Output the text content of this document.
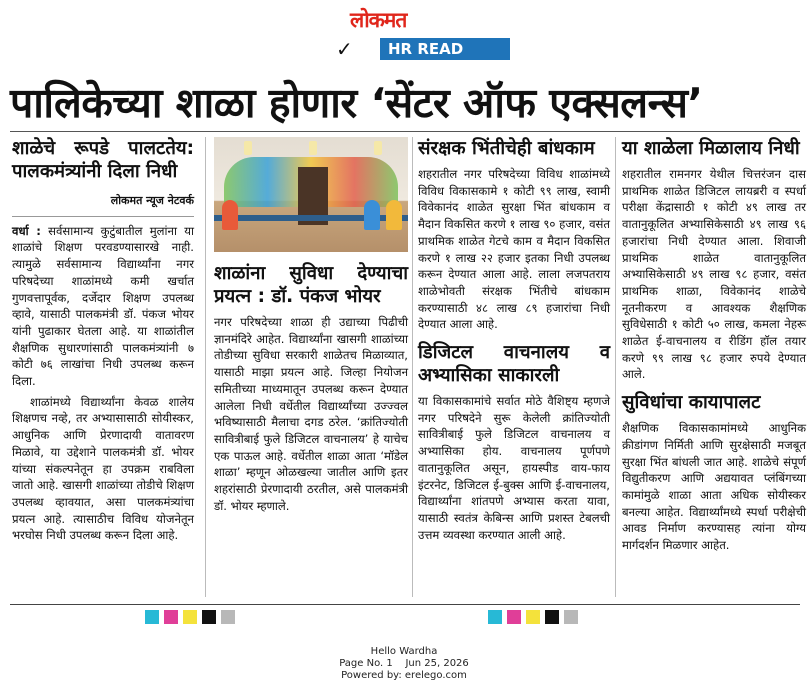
लोकमत
✓	HR READ
पालिकेच्या शाळा होणार ‘सेंटर ऑफ एक्सलन्स’
शाळेचे रूपडे पालटतेय: पालकमंत्र्यांनी दिला निधी
लोकमत न्यूज नेटवर्क

वर्धा : सर्वसामान्य कुटुंबातील मुलांना या शाळांचे शिक्षण परवडण्यासारखे नाही. त्यामुळे सर्वसामान्य विद्यार्थ्यांना नगर परिषदेच्या शाळांमध्ये कमी खर्चात गुणवत्तापूर्वक, दर्जेदार शिक्षण उपलब्ध व्हावे, यासाठी पालकमंत्री डॉ. पंकज भोयर यांनी पुढाकार घेतला आहे. या शाळांतील शैक्षणिक सुधारणांसाठी पालकमंत्र्यांनी ७ कोटी ७६ लाखांचा निधी उपलब्ध करून दिला.

शाळांमध्ये विद्यार्थ्यांना केवळ शालेय शिक्षणच नव्हे, तर अभ्यासासाठी सोयीस्कर, आधुनिक आणि प्रेरणादायी वातावरण मिळावे, या उद्देशाने पालकमंत्री डॉ. भोयर यांच्या संकल्पनेतून हा उपक्रम राबविला जातो आहे. खासगी शाळांच्या तोडीचे शिक्षण उपलब्ध व्हावयात, असा पालकमंत्र्यांचा प्रयत्न आहे. त्यासाठीच विविध योजनेतून भरघोस निधी उपलब्ध करून दिला आहे.

शाळांना सुविधा देण्याचा प्रयत्न : डॉ. पंकज भोयर

नगर परिषदेच्या शाळा ही उद्याच्या पिढीची ज्ञानमंदिरे आहेत. विद्यार्थ्यांना खासगी शाळांच्या तोडीच्या सुविधा सरकारी शाळेतच मिळाव्यात, यासाठी माझा प्रयत्न आहे. जिल्हा नियोजन समितीच्या माध्यमातून उपलब्ध करून देण्यात आलेला निधी वर्धेतील विद्यार्थ्यांच्या उज्ज्वल भविष्यासाठी मैलाचा दगड ठरेल. ‘क्रांतिज्योती सावित्रीबाई फुले डिजिटल वाचनालय’ हे याचेच एक पाऊल आहे. वर्धेतील शाळा आता ‘मॉडेल शाळा’ म्हणून ओळखल्या जातील आणि इतर शहरांसाठी प्रेरणादायी ठरतील, असे पालकमंत्री डॉ. भोयर म्हणाले.

संरक्षक भिंतीचेही बांधकाम

शहरातील नगर परिषदेच्या विविध शाळांमध्ये विविध विकासकामे १ कोटी ९९ लाख, स्वामी विवेकानंद शाळेत सुरक्षा भिंत बांधकाम व मैदान विकसित करणे १ लाख ९० हजार, वसंत प्राथमिक शाळेत गेटचे काम व मैदान विकसित करणे १ लाख २२ हजार इतका निधी उपलब्ध करून देण्यात आला आहे. लाला लजपतराय शाळेभोवती संरक्षक भिंतीचे बांधकाम करण्यासाठी ४८ लाख ८९ हजारांचा निधी देण्यात आला आहे.

डिजिटल वाचनालय व अभ्यासिका साकारली

या विकासकामांचे सर्वात मोठे वैशिष्ट्य म्हणजे नगर परिषदेने सुरू केलेली क्रांतिज्योती सावित्रीबाई फुले डिजिटल वाचनालय व अभ्यासिका होय. वाचनालय पूर्णपणे वातानुकूलित असून, हायस्पीड वाय-फाय इंटरनेट, डिजिटल ई-बुक्स आणि ई-वाचनालय, विद्यार्थ्यांना शांतपणे अभ्यास करता यावा, यासाठी स्वतंत्र केबिन्स आणि प्रशस्त टेबलची उत्तम व्यवस्था करण्यात आली आहे.

या शाळेला मिळालाय निधी

शहरातील रामनगर येथील चित्तरंजन दास प्राथमिक शाळेत डिजिटल लायब्ररी व स्पर्धा परीक्षा केंद्रासाठी १ कोटी ४९ लाख तर वातानुकूलित अभ्यासिकेसाठी ४९ लाख ९६ हजारांचा निधी देण्यात आला. शिवाजी प्राथमिक शाळेत वातानुकूलित अभ्यासिकेसाठी ४९ लाख ९८ हजार, वसंत प्राथमिक शाळा, विवेकानंद शाळेचे नूतनीकरण व आवश्यक शैक्षणिक सुविधेसाठी १ कोटी ५० लाख, कमला नेहरू शाळेत ई-वाचनालय व रीडिंग हॉल तयार करणे ९९ लाख ९८ हजार रुपये देण्यात आले.

सुविधांचा कायापालट

शैक्षणिक विकासकामांमध्ये आधुनिक क्रीडांगण निर्मिती आणि सुरक्षेसाठी मजबूत सुरक्षा भिंत बांधली जात आहे. शाळेचे संपूर्ण विद्युतीकरण आणि अद्ययावत प्लंबिंगच्या कामांमुळे शाळा आता अधिक सोयीस्कर बनल्या आहेत. विद्यार्थ्यांमध्ये स्पर्धा परीक्षेची आवड निर्माण करण्यासह त्यांना योग्य मार्गदर्शन मिळणार आहेत.

Hello Wardha
Page No. 1    Jun 25, 2026
Powered by: erelego.com
